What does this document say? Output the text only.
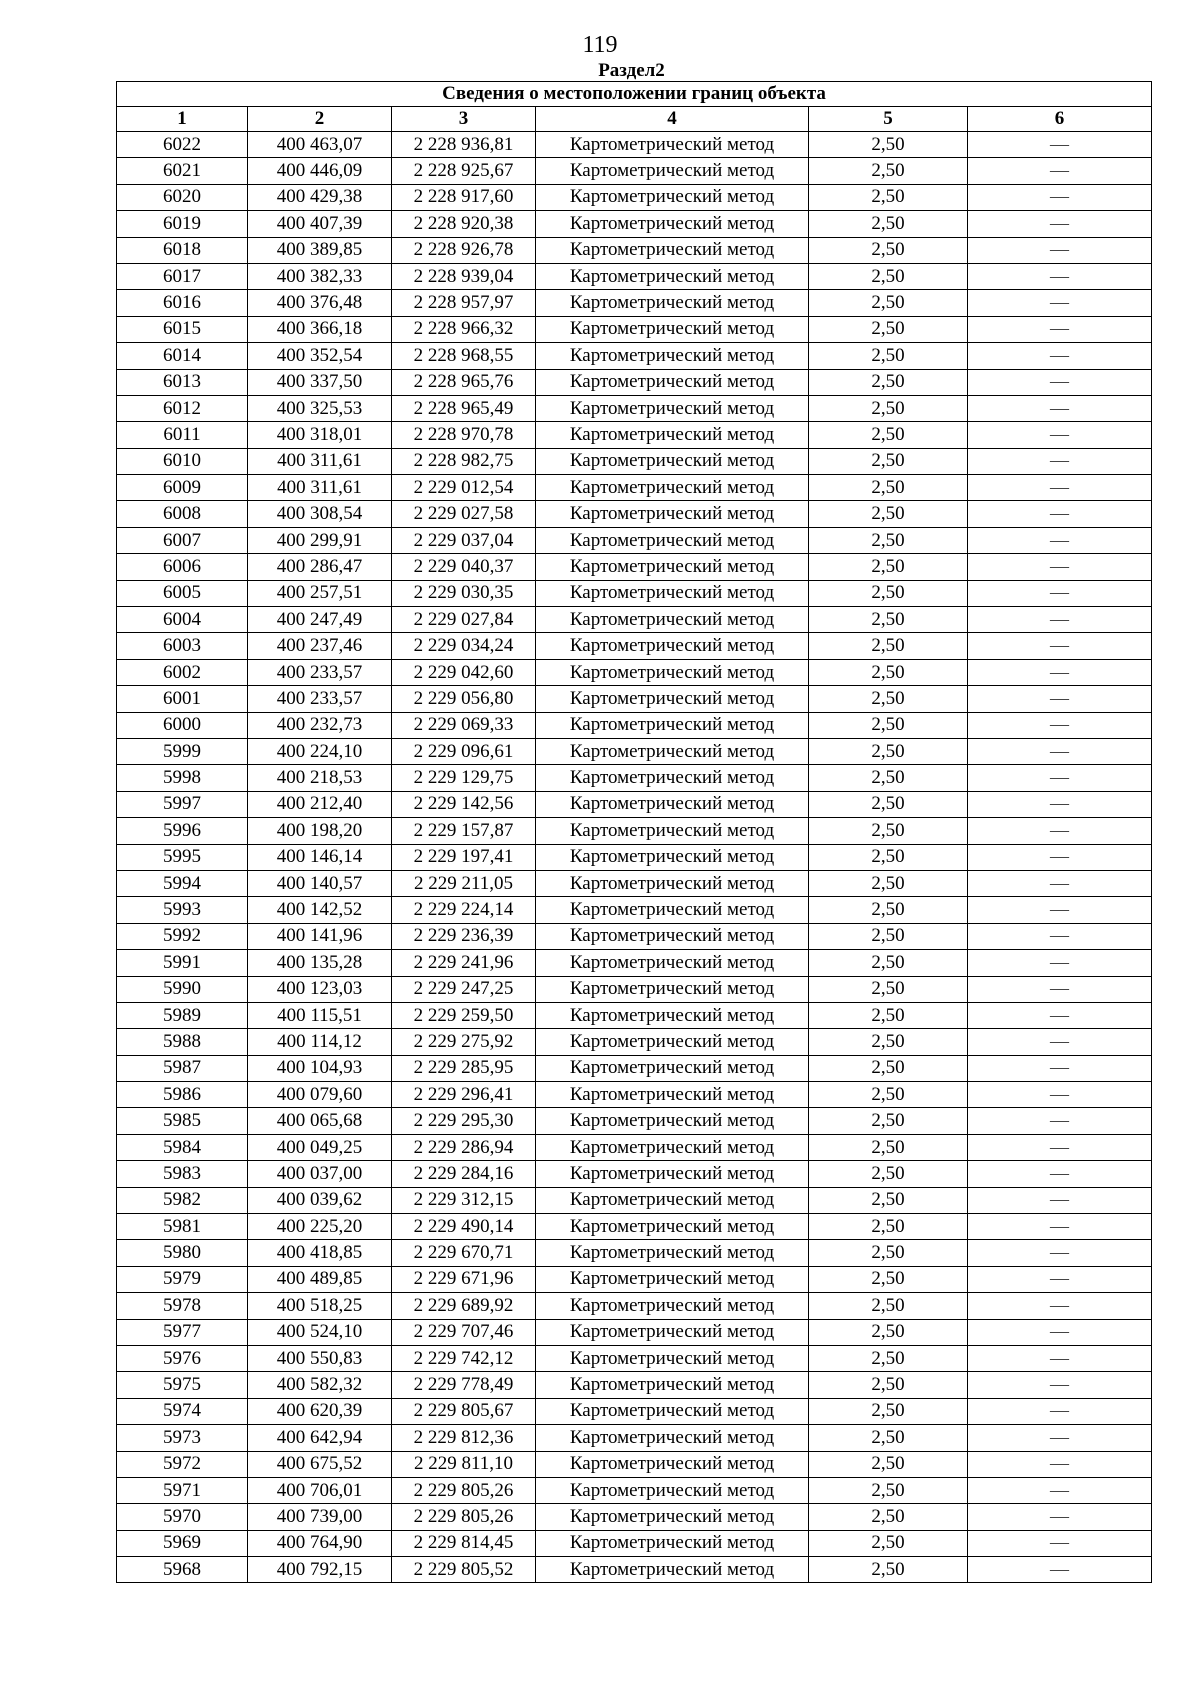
119
Раздел2
Сведения о местоположении границ объекта					
1	2	3	4	5	6
6022	400 463,07	2 228 936,81	Картометрический метод	2,50	—
6021	400 446,09	2 228 925,67	Картометрический метод	2,50	—
6020	400 429,38	2 228 917,60	Картометрический метод	2,50	—
6019	400 407,39	2 228 920,38	Картометрический метод	2,50	—
6018	400 389,85	2 228 926,78	Картометрический метод	2,50	—
6017	400 382,33	2 228 939,04	Картометрический метод	2,50	—
6016	400 376,48	2 228 957,97	Картометрический метод	2,50	—
6015	400 366,18	2 228 966,32	Картометрический метод	2,50	—
6014	400 352,54	2 228 968,55	Картометрический метод	2,50	—
6013	400 337,50	2 228 965,76	Картометрический метод	2,50	—
6012	400 325,53	2 228 965,49	Картометрический метод	2,50	—
6011	400 318,01	2 228 970,78	Картометрический метод	2,50	—
6010	400 311,61	2 228 982,75	Картометрический метод	2,50	—
6009	400 311,61	2 229 012,54	Картометрический метод	2,50	—
6008	400 308,54	2 229 027,58	Картометрический метод	2,50	—
6007	400 299,91	2 229 037,04	Картометрический метод	2,50	—
6006	400 286,47	2 229 040,37	Картометрический метод	2,50	—
6005	400 257,51	2 229 030,35	Картометрический метод	2,50	—
6004	400 247,49	2 229 027,84	Картометрический метод	2,50	—
6003	400 237,46	2 229 034,24	Картометрический метод	2,50	—
6002	400 233,57	2 229 042,60	Картометрический метод	2,50	—
6001	400 233,57	2 229 056,80	Картометрический метод	2,50	—
6000	400 232,73	2 229 069,33	Картометрический метод	2,50	—
5999	400 224,10	2 229 096,61	Картометрический метод	2,50	—
5998	400 218,53	2 229 129,75	Картометрический метод	2,50	—
5997	400 212,40	2 229 142,56	Картометрический метод	2,50	—
5996	400 198,20	2 229 157,87	Картометрический метод	2,50	—
5995	400 146,14	2 229 197,41	Картометрический метод	2,50	—
5994	400 140,57	2 229 211,05	Картометрический метод	2,50	—
5993	400 142,52	2 229 224,14	Картометрический метод	2,50	—
5992	400 141,96	2 229 236,39	Картометрический метод	2,50	—
5991	400 135,28	2 229 241,96	Картометрический метод	2,50	—
5990	400 123,03	2 229 247,25	Картометрический метод	2,50	—
5989	400 115,51	2 229 259,50	Картометрический метод	2,50	—
5988	400 114,12	2 229 275,92	Картометрический метод	2,50	—
5987	400 104,93	2 229 285,95	Картометрический метод	2,50	—
5986	400 079,60	2 229 296,41	Картометрический метод	2,50	—
5985	400 065,68	2 229 295,30	Картометрический метод	2,50	—
5984	400 049,25	2 229 286,94	Картометрический метод	2,50	—
5983	400 037,00	2 229 284,16	Картометрический метод	2,50	—
5982	400 039,62	2 229 312,15	Картометрический метод	2,50	—
5981	400 225,20	2 229 490,14	Картометрический метод	2,50	—
5980	400 418,85	2 229 670,71	Картометрический метод	2,50	—
5979	400 489,85	2 229 671,96	Картометрический метод	2,50	—
5978	400 518,25	2 229 689,92	Картометрический метод	2,50	—
5977	400 524,10	2 229 707,46	Картометрический метод	2,50	—
5976	400 550,83	2 229 742,12	Картометрический метод	2,50	—
5975	400 582,32	2 229 778,49	Картометрический метод	2,50	—
5974	400 620,39	2 229 805,67	Картометрический метод	2,50	—
5973	400 642,94	2 229 812,36	Картометрический метод	2,50	—
5972	400 675,52	2 229 811,10	Картометрический метод	2,50	—
5971	400 706,01	2 229 805,26	Картометрический метод	2,50	—
5970	400 739,00	2 229 805,26	Картометрический метод	2,50	—
5969	400 764,90	2 229 814,45	Картометрический метод	2,50	—
5968	400 792,15	2 229 805,52	Картометрический метод	2,50	—
